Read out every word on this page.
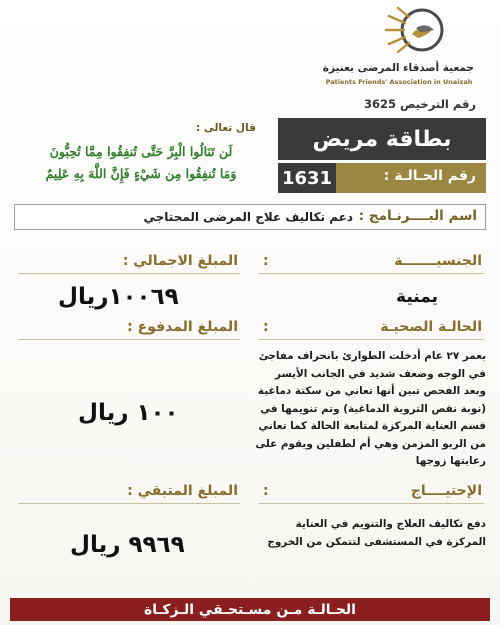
جمعية أصدقاء المرضى بعنيزة
Patients Friends' Association in Unaizah
رقم الترخيص 3625
قال تعالى :
لَن تَنَالُوا الْبِرَّ حَتَّى تُنفِقُوا مِمَّا تُحِبُّونَ
وَمَا تُنفِقُوا مِن شَيْءٍ فَإِنَّ اللَّهَ بِهِ عَلِيمٌ
بطاقة مريض
رقم الحـالـة :
1631
اسم البــــرنـامج :
دعم تكاليف علاج المرضى المحتاجي
الجنسيـــــــة
:
يمنية
المبلغ الاجمالي :
١٠٠٦٩ريال
المبلغ المدفوع :
١٠٠ ريال
الحالـة الصحيـة
:
بعمر ٢٧ عام أدخلت الطوارئ بانحراف مفاجئ في الوجه وضعف شديد في الجانب الأيسر وبعد الفحص تبين أنها تعاني من سكتة دماغية (نوبة نقص التروية الدماغية) وتم تنويمها في قسم العناية المركزة لمتابعة الحالة كما تعاني من الربو المزمن وهي أم لطفلين ويقوم على رعايتها زوجها
المبلغ المتبقي :
٩٩٦٩ ريال
الإحتيــــاج
:
دفع تكاليف العلاج والتنويم في العناية المركزة في المستشفى لتتمكن من الخروج
الحـالـة مـن مسـتحـقي الـزكـاة
